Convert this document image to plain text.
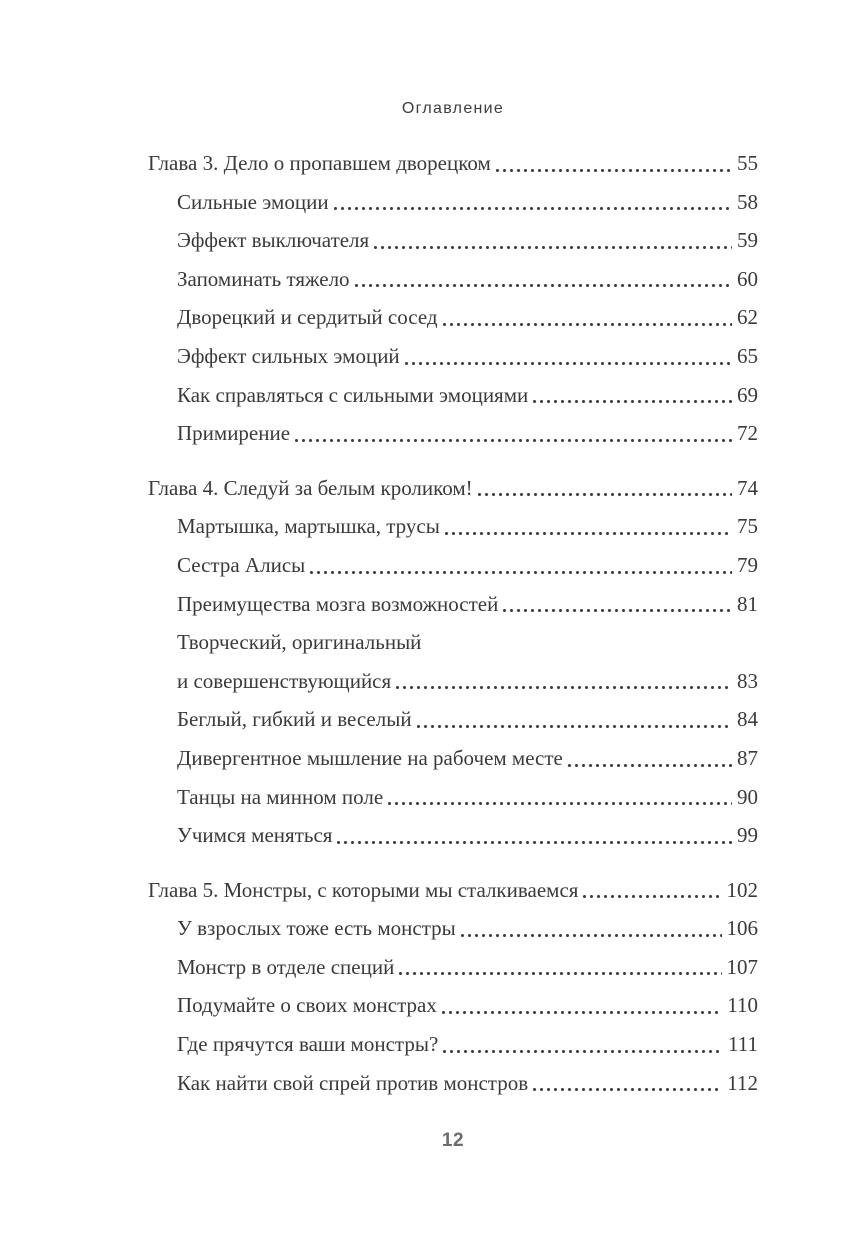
Оглавление
Глава 3. Дело о пропавшем дворецком	55
Сильные эмоции	58
Эффект выключателя	59
Запоминать тяжело	60
Дворецкий и сердитый сосед	62
Эффект сильных эмоций	65
Как справляться с сильными эмоциями	69
Примирение	72
Глава 4. Следуй за белым кроликом!	74
Мартышка, мартышка, трусы	75
Сестра Алисы	79
Преимущества мозга возможностей	81
Творческий, оригинальный
и совершенствующийся	83
Беглый, гибкий и веселый	84
Дивергентное мышление на рабочем месте	87
Танцы на минном поле	90
Учимся меняться	99
Глава 5. Монстры, с которыми мы сталкиваемся	102
У взрослых тоже есть монстры	106
Монстр в отделе специй	107
Подумайте о своих монстрах	110
Где прячутся ваши монстры?	111
Как найти свой спрей против монстров	112
12
